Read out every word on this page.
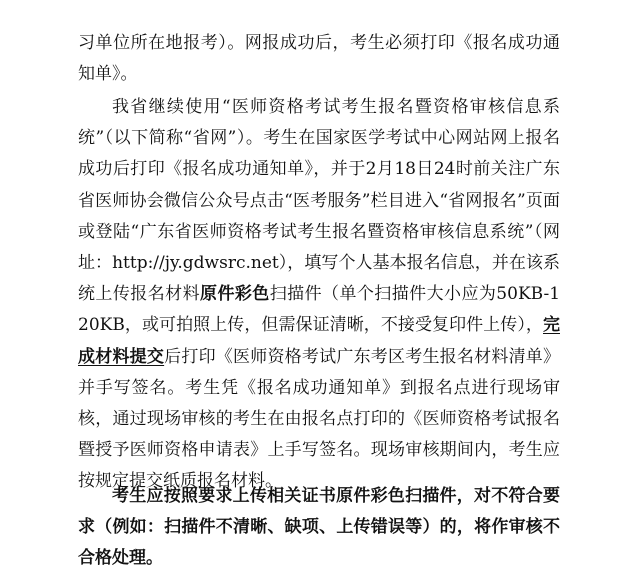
习单位所在地报考）。网报成功后，考生必须打印《报名成功通知单》。

我省继续使用“医师资格考试考生报名暨资格审核信息系统”（以下简称“省网”）。考生在国家医学考试中心网站网上报名成功后打印《报名成功通知单》，并于2月18日24时前关注广东省医师协会微信公众号点击“医考服务”栏目进入“省网报名”页面或登陆“广东省医师资格考试考生报名暨资格审核信息系统”（网址：http://jy.gdwsrc.net），填写个人基本报名信息，并在该系统上传报名材料原件彩色扫描件（单个扫描件大小应为50KB-120KB，或可拍照上传，但需保证清晰，不接受复印件上传），完成材料提交后打印《医师资格考试广东考区考生报名材料清单》并手写签名。考生凭《报名成功通知单》到报名点进行现场审核，通过现场审核的考生在由报名点打印的《医师资格考试报名暨授予医师资格申请表》上手写签名。现场审核期间内，考生应按规定提交纸质报名材料。

考生应按照要求上传相关证书原件彩色扫描件，对不符合要求（例如：扫描件不清晰、缺项、上传错误等）的，将作审核不合格处理。
